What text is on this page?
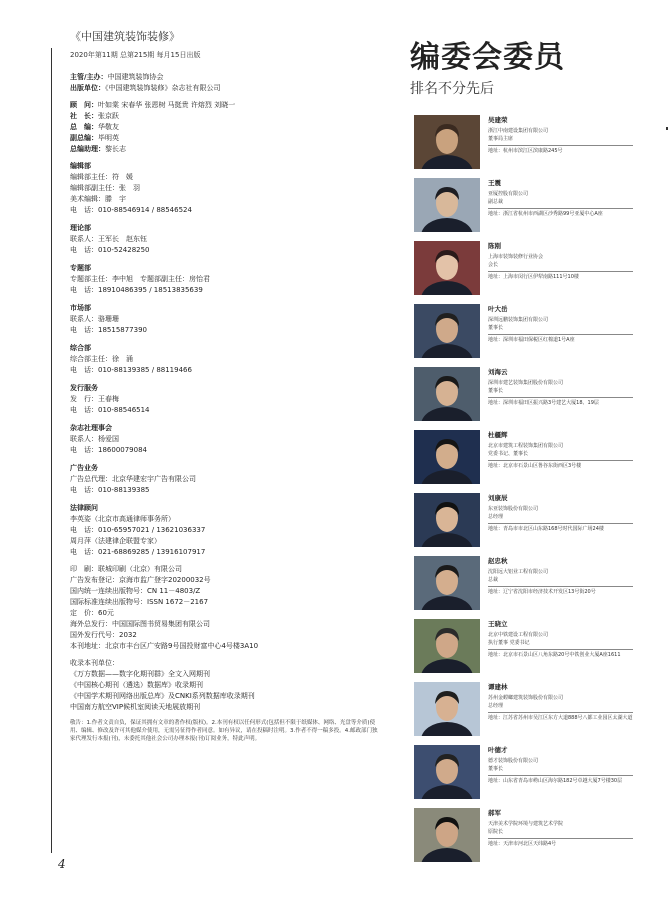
《中国建筑装饰装修》
2020年第11期 总第215期 每月15日出版
主管/主办：中国建筑装饰协会
出版单位：《中国建筑装饰装修》杂志社有限公司
顾　问：叶如棠 宋春华 张恩树 马挺贵 许熔烈 刘晓一
社　长：张京跃
总　编：华敬友
副总编：毕明英
总编助理：黎长志
编辑部
编辑部主任：符　媛
编辑部副主任：张　羽
美术编辑：滕　宇
电　话：010-88546914 / 88546524
理论部
联系人：王军长　赵东钰
电　话：010-52428250
专题部
专题部主任：李中旭　专题部副主任：房怡君
电　话：18910486395 / 18513835639
市场部
联系人：骆珊珊
电　话：18515877390
综合部
综合部主任：徐　涌
电　话：010-88139385 / 88119466
发行服务
发　行：王春梅
电　话：010-88546514
杂志社理事会
联系人：杨爱国
电　话：18600079084
广告业务
广告总代理：北京华建宏宇广告有限公司
电　话：010-88139385
法律顾问
李英姿（北京市高通律师事务所）
电　话：010-65957021 / 13621036337
周月萍（法建律企联盟专家）
电　话：021-68869285 / 13916107917
印　刷：联城印刷（北京）有限公司
广告发布登记：京海市监广登字20200032号
国内统一连续出版物号：CN 11－4803/Z
国际标准连续出版物号：ISSN 1672－2167
定　价：60元
海外总发行：中国国际图书贸易集团有限公司
国外发行代号：2032
本刊地址：北京市丰台区广安路9号国投财富中心4号楼3A10
收录本刊单位：
《万方数据——数字化期刊群》全文入网期刊
《中国核心期刊（遴选）数据库》收录期刊
《中国学术期刊网络出版总库》及CNKI系列数据库收录期刊
中国南方航空VIP候机室阅读天地展放期刊
敬告：1.作者文责自负，保证其拥有文章的著作权(版权)。2.本刊有权以任何形式(包括但不限于纸媒体、网络、光盘等介质)使用、编辑、修改及许可其他媒介使用，无需另征得作者同意。如有异议，请在投稿时注明。3.作者不得一稿多投。4.邮政部门独家代理发行本报(刊)，未委托其他社会公司办理本报(刊)订阅业务，特此声明。
4
编委会委员
排名不分先后
吴建荣
浙江中南建设集团有限公司
董事局主席
地址：杭州市滨江区滨康路245号
王震
亚厦控股有限公司
副总裁
地址：浙江省杭州市西湖区沙秀路99号亚厦中心A座
陈刚
上海市装饰装修行业协会
会长
地址：上海市闵行区伊犁南路111号10楼
叶大岳
深圳远鹏装饰集团有限公司
董事长
地址：深圳市福田保税区红棉道1号A座
刘海云
深圳市建艺装饰集团股份有限公司
董事长
地址：深圳市福田区振兴路3号建艺大厦18、19层
杜疆辉
北京市建筑工程装饰集团有限公司
党委书记、董事长
地址：北京市石景山区鲁谷东街西区3号楼
刘康辰
东亚装饰股份有限公司
总经理
地址：青岛市市北区山东路168号时代国际广场24楼
赵忠秋
沈阳远大铝业工程有限公司
总裁
地址：辽宁省沈阳市经济技术开发区13号街20号
王晓立
北京中铁建设工程有限公司
执行董事 党委书记
地址：北京市石景山区八角东路20号中铁创业大厦A座1611
谭建林
苏州金螳螂建筑装饰股份有限公司
总经理
地址：江苏省苏州市吴江区东方大道888号八都工业园区太湖大道
叶德才
德才装饰股份有限公司
董事长
地址：山东省青岛市崂山区海尔路182号卓越大厦7号楼30层
郝军
天津美术学院环境与建筑艺术学院
原院长
地址：天津市河北区天纬路4号
